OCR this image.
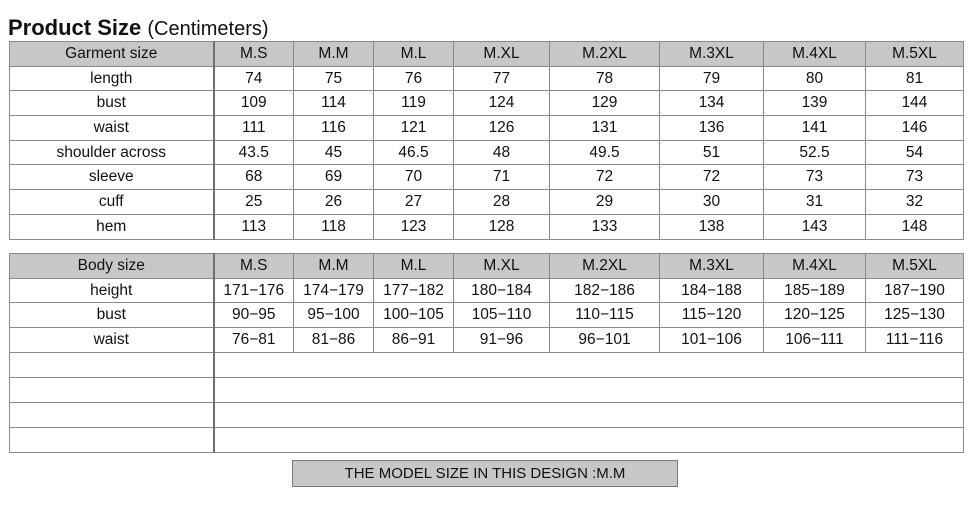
Product Size (Centimeters)
Garment size	M.S	M.M	M.L	M.XL	M.2XL	M.3XL	M.4XL	M.5XL
length	74	75	76	77	78	79	80	81
bust	109	114	119	124	129	134	139	144
waist	111	116	121	126	131	136	141	146
shoulder across	43.5	45	46.5	48	49.5	51	52.5	54
sleeve	68	69	70	71	72	72	73	73
cuff	25	26	27	28	29	30	31	32
hem	113	118	123	128	133	138	143	148
Body size	M.S	M.M	M.L	M.XL	M.2XL	M.3XL	M.4XL	M.5XL
height	171−176	174−179	177−182	180−184	182−186	184−188	185−189	187−190
bust	90−95	95−100	100−105	105−110	110−115	115−120	120−125	125−130
waist	76−81	81−86	86−91	91−96	96−101	101−106	106−111	111−116

THE MODEL SIZE IN THIS DESIGN :M.M
